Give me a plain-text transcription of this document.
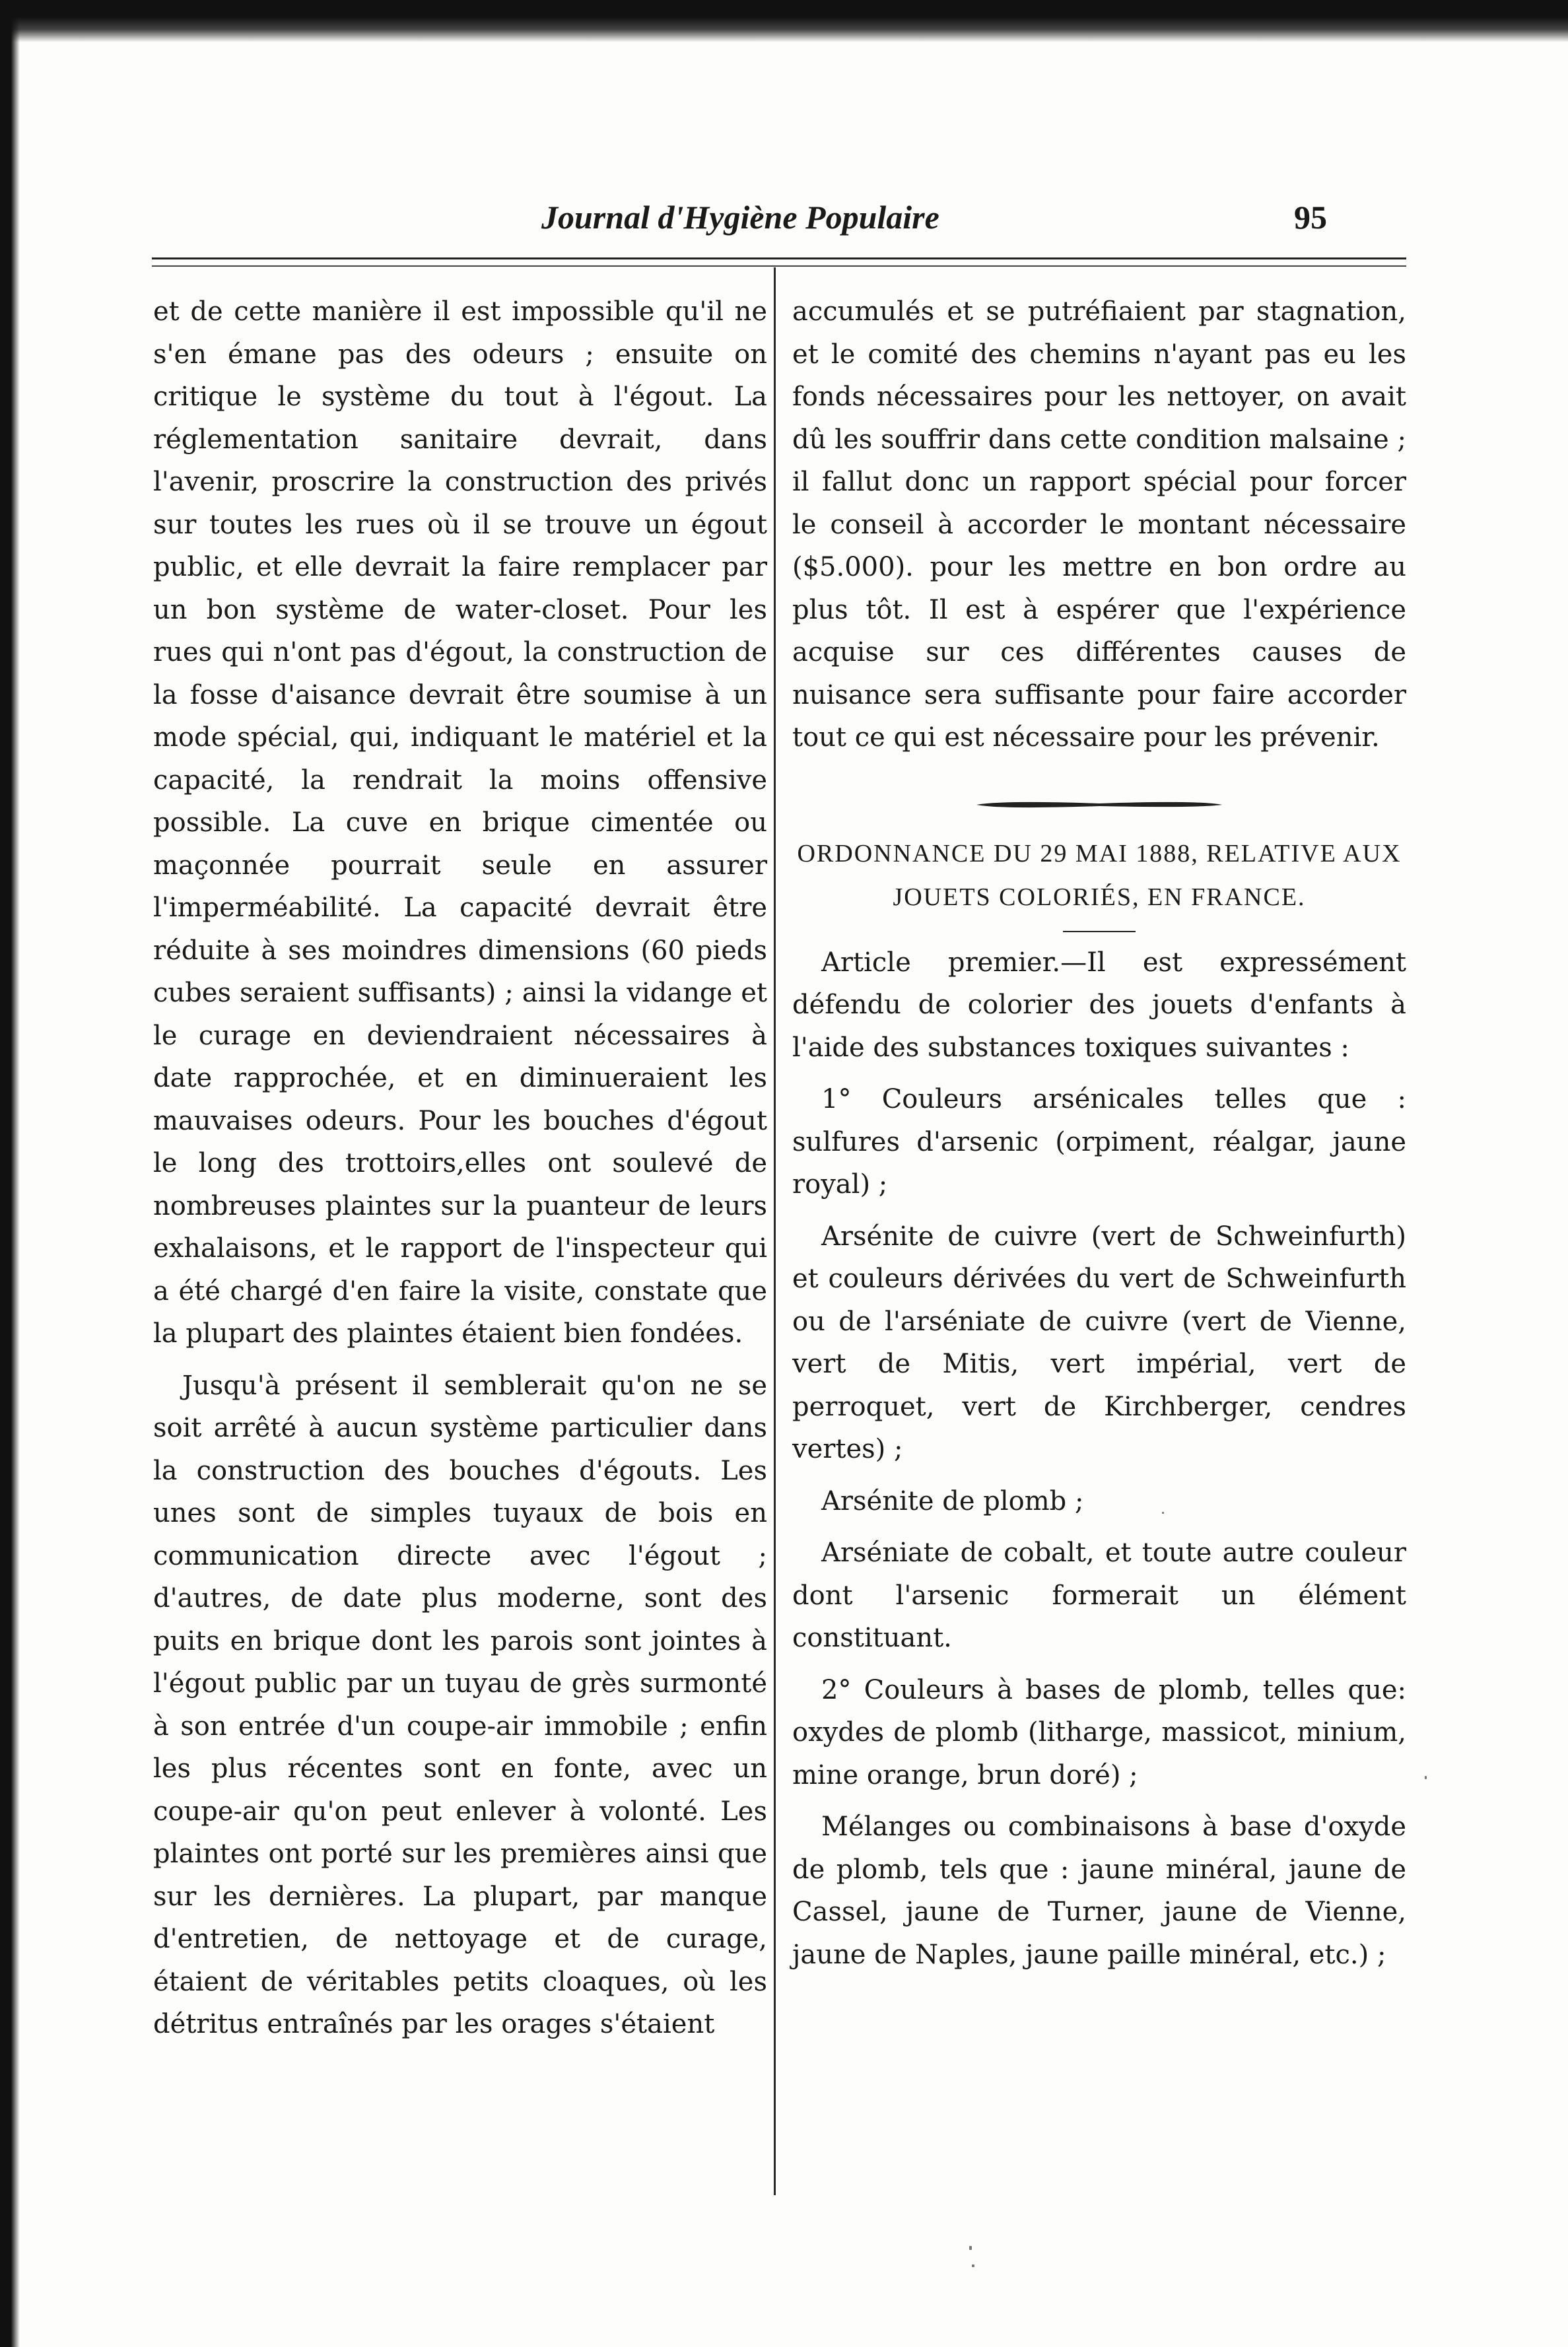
Journal d'Hygiène Populaire	95

et de cette manière il est impossible qu'il ne s'en émane pas des odeurs ; ensuite on critique le système du tout à l'égout. La réglementation sanitaire devrait, dans l'avenir, proscrire la construction des privés sur toutes les rues où il se trouve un égout public, et elle devrait la faire remplacer par un bon système de water-closet. Pour les rues qui n'ont pas d'égout, la construction de la fosse d'aisance devrait être soumise à un mode spécial, qui, indiquant le matériel et la capacité, la rendrait la moins offensive possible. La cuve en brique cimentée ou maçonnée pourrait seule en assurer l'imperméabilité. La capacité devrait être réduite à ses moindres dimensions (60 pieds cubes seraient suffisants) ; ainsi la vidange et le curage en deviendraient nécessaires à date rapprochée, et en diminueraient les mauvaises odeurs. Pour les bouches d'égout le long des trottoirs,elles ont soulevé de nombreuses plaintes sur la puanteur de leurs exhalaisons, et le rapport de l'inspecteur qui a été chargé d'en faire la visite, constate que la plupart des plaintes étaient bien fondées.

Jusqu'à présent il semblerait qu'on ne se soit arrêté à aucun système particulier dans la construction des bouches d'égouts. Les unes sont de simples tuyaux de bois en communication directe avec l'égout ; d'autres, de date plus moderne, sont des puits en brique dont les parois sont jointes à l'égout public par un tuyau de grès surmonté à son entrée d'un coupe-air immobile ; enfin les plus récentes sont en fonte, avec un coupe-air qu'on peut enlever à volonté. Les plaintes ont porté sur les premières ainsi que sur les dernières. La plupart, par manque d'entretien, de nettoyage et de curage, étaient de véritables petits cloaques, où les détritus entraînés par les orages s'étaient

accumulés et se putréfiaient par stagnation, et le comité des chemins n'ayant pas eu les fonds nécessaires pour les nettoyer, on avait dû les souffrir dans cette condition malsaine ; il fallut donc un rapport spécial pour forcer le conseil à accorder le montant nécessaire ($5.000). pour les mettre en bon ordre au plus tôt. Il est à espérer que l'expérience acquise sur ces différentes causes de nuisance sera suffisante pour faire accorder tout ce qui est nécessaire pour les prévenir.

ORDONNANCE DU 29 MAI 1888, RELATIVE AUX JOUETS COLORIÉS, EN FRANCE.

Article premier.—Il est expressément défendu de colorier des jouets d'enfants à l'aide des substances toxiques suivantes :

1° Couleurs arsénicales telles que : sulfures d'arsenic (orpiment, réalgar, jaune royal) ;

Arsénite de cuivre (vert de Schweinfurth) et couleurs dérivées du vert de Schweinfurth ou de l'arséniate de cuivre (vert de Vienne, vert de Mitis, vert impérial, vert de perroquet, vert de Kirchberger, cendres vertes) ;

Arsénite de plomb ;

Arséniate de cobalt, et toute autre couleur dont l'arsenic formerait un élément constituant.

2° Couleurs à bases de plomb, telles que: oxydes de plomb (litharge, massicot, minium, mine orange, brun doré) ;

Mélanges ou combinaisons à base d'oxyde de plomb, tels que : jaune minéral, jaune de Cassel, jaune de Turner, jaune de Vienne, jaune de Naples, jaune paille minéral, etc.) ;
